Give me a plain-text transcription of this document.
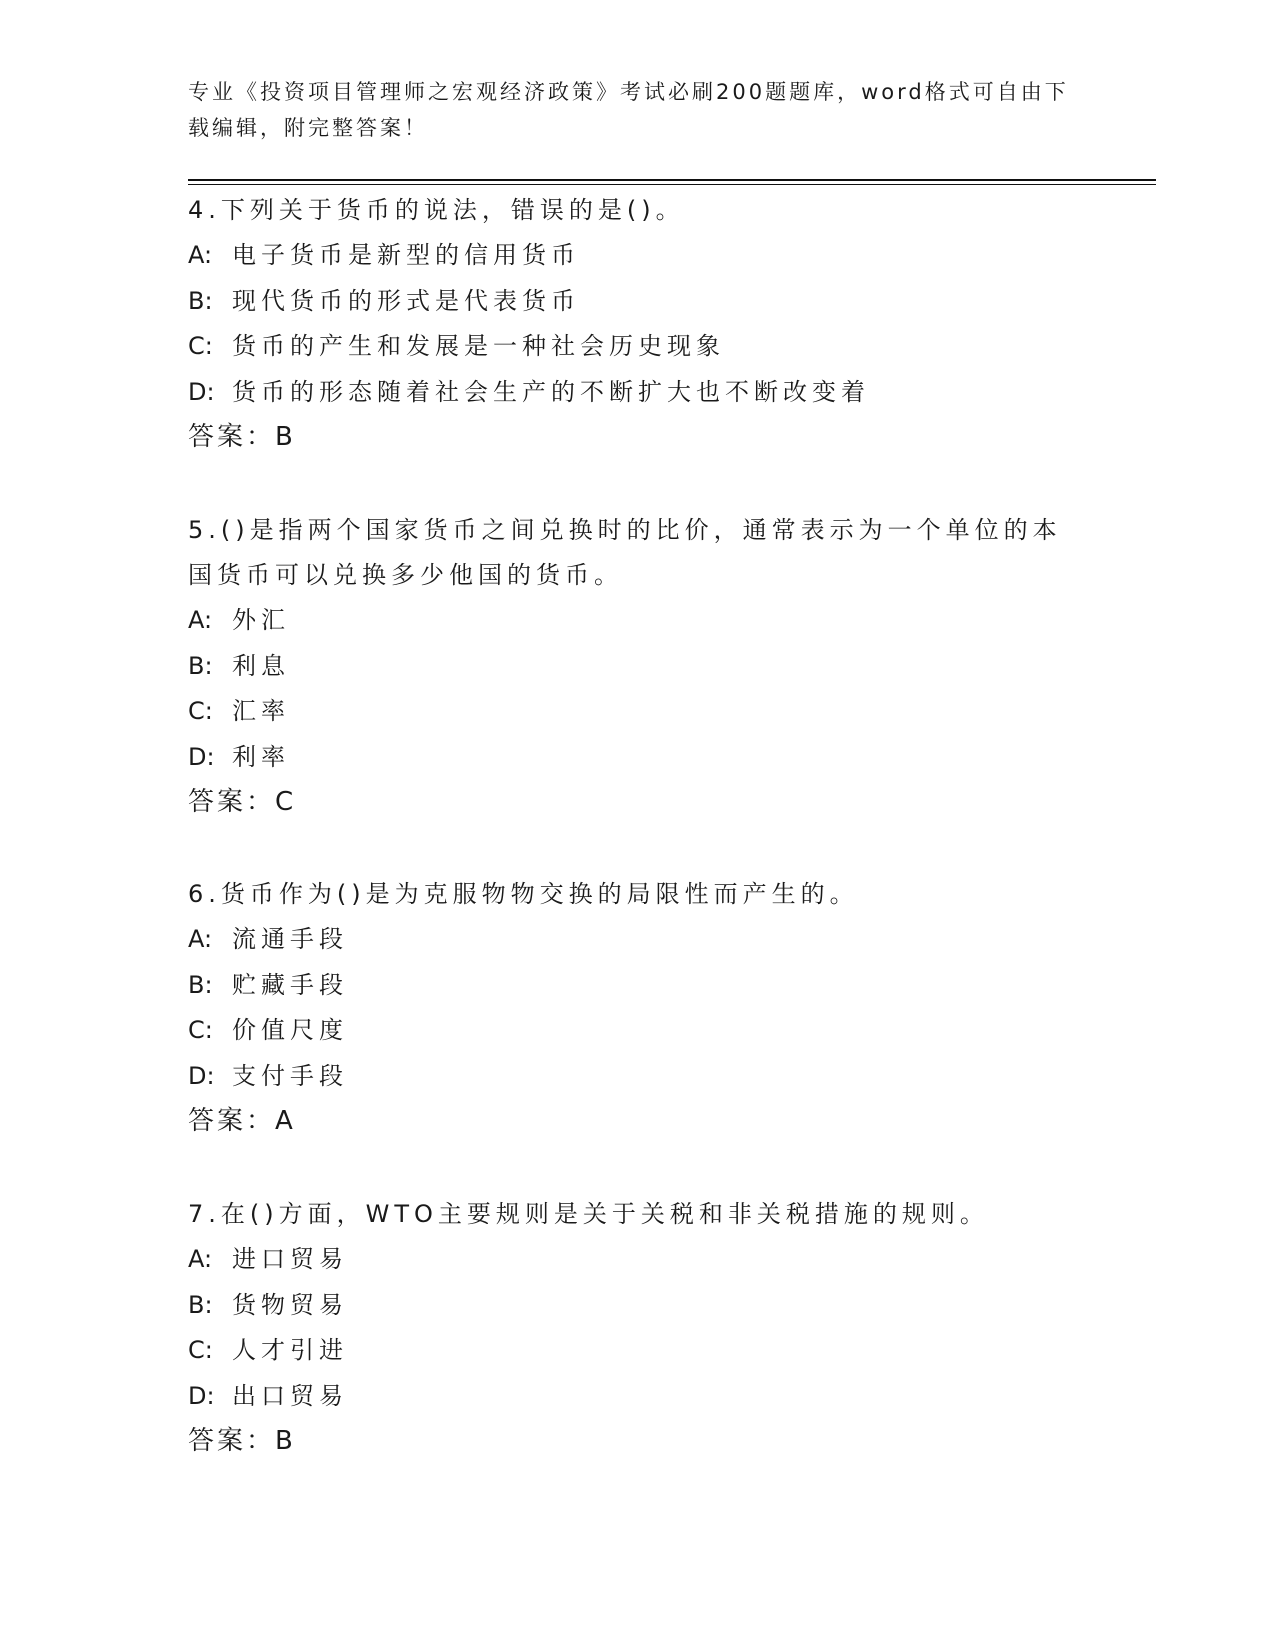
专业《投资项目管理师之宏观经济政策》考试必刷200题题库，word格式可自由下载编辑，附完整答案！

4.下列关于货币的说法，错误的是()。

A: 电子货币是新型的信用货币

B: 现代货币的形式是代表货币

C: 货币的产生和发展是一种社会历史现象

D: 货币的形态随着社会生产的不断扩大也不断改变着

答案：B

5.()是指两个国家货币之间兑换时的比价，通常表示为一个单位的本国货币可以兑换多少他国的货币。

A: 外汇

B: 利息

C: 汇率

D: 利率

答案：C

6.货币作为()是为克服物物交换的局限性而产生的。

A: 流通手段

B: 贮藏手段

C: 价值尺度

D: 支付手段

答案：A

7.在()方面，WTO主要规则是关于关税和非关税措施的规则。

A: 进口贸易

B: 货物贸易

C: 人才引进

D: 出口贸易

答案：B
